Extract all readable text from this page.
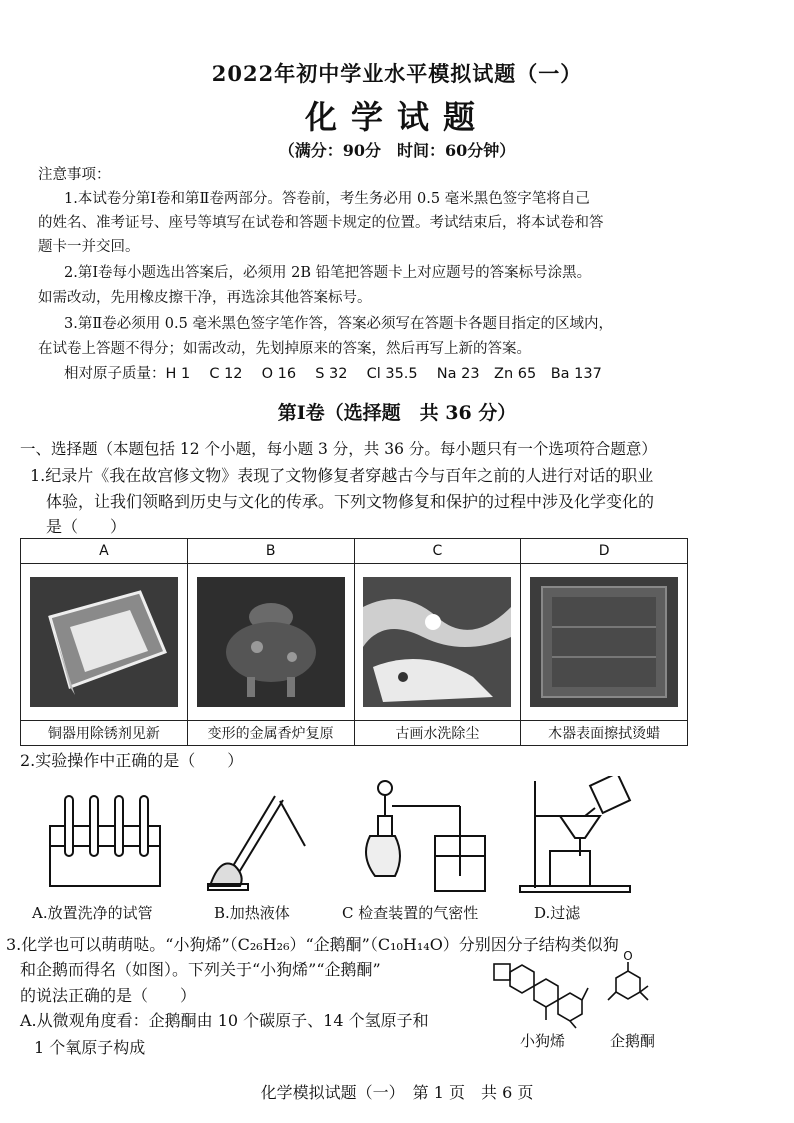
2022年初中学业水平模拟试题（一）
化学试题
（满分：90分　时间：60分钟）
注意事项：
1.本试卷分第Ⅰ卷和第Ⅱ卷两部分。答卷前，考生务必用 0.5 毫米黑色签字笔将自己
的姓名、准考证号、座号等填写在试卷和答题卡规定的位置。考试结束后，将本试卷和答
题卡一并交回。
2.第Ⅰ卷每小题选出答案后，必须用 2B 铅笔把答题卡上对应题号的答案标号涂黑。
如需改动，先用橡皮擦干净，再选涂其他答案标号。
3.第Ⅱ卷必须用 0.5 毫米黑色签字笔作答，答案必须写在答题卡各题目指定的区域内，
在试卷上答题不得分；如需改动，先划掉原来的答案，然后再写上新的答案。
相对原子质量：H 1　 C 12　 O 16　 S 32　 Cl 35.5　 Na 23　Zn 65　Ba 137
第Ⅰ卷（选择题　共 36 分）
一、选择题（本题包括 12 个小题，每小题 3 分，共 36 分。每小题只有一个选项符合题意）
1.纪录片《我在故宫修文物》表现了文物修复者穿越古今与百年之前的人进行对话的职业
体验，让我们领略到历史与文化的传承。下列文物修复和保护的过程中涉及化学变化的
是（　　）
A	B	C	D

铜器用除锈剂见新	变形的金属香炉复原	古画水洗除尘	木器表面擦拭烫蜡
2.实验操作中正确的是（　　）
A.放置洗净的试管	B.加热液体	C 检查装置的气密性	D.过滤
3.化学也可以萌萌哒。“小狗烯”（C₂₆H₂₆）“企鹅酮”（C₁₀H₁₄O）分别因分子结构类似狗
和企鹅而得名（如图）。下列关于“小狗烯”“企鹅酮”
的说法正确的是（　　）
A.从微观角度看：企鹅酮由 10 个碳原子、14 个氢原子和
1 个氧原子构成
O
小狗烯	企鹅酮
化学模拟试题（一）　第 1 页　共 6 页
